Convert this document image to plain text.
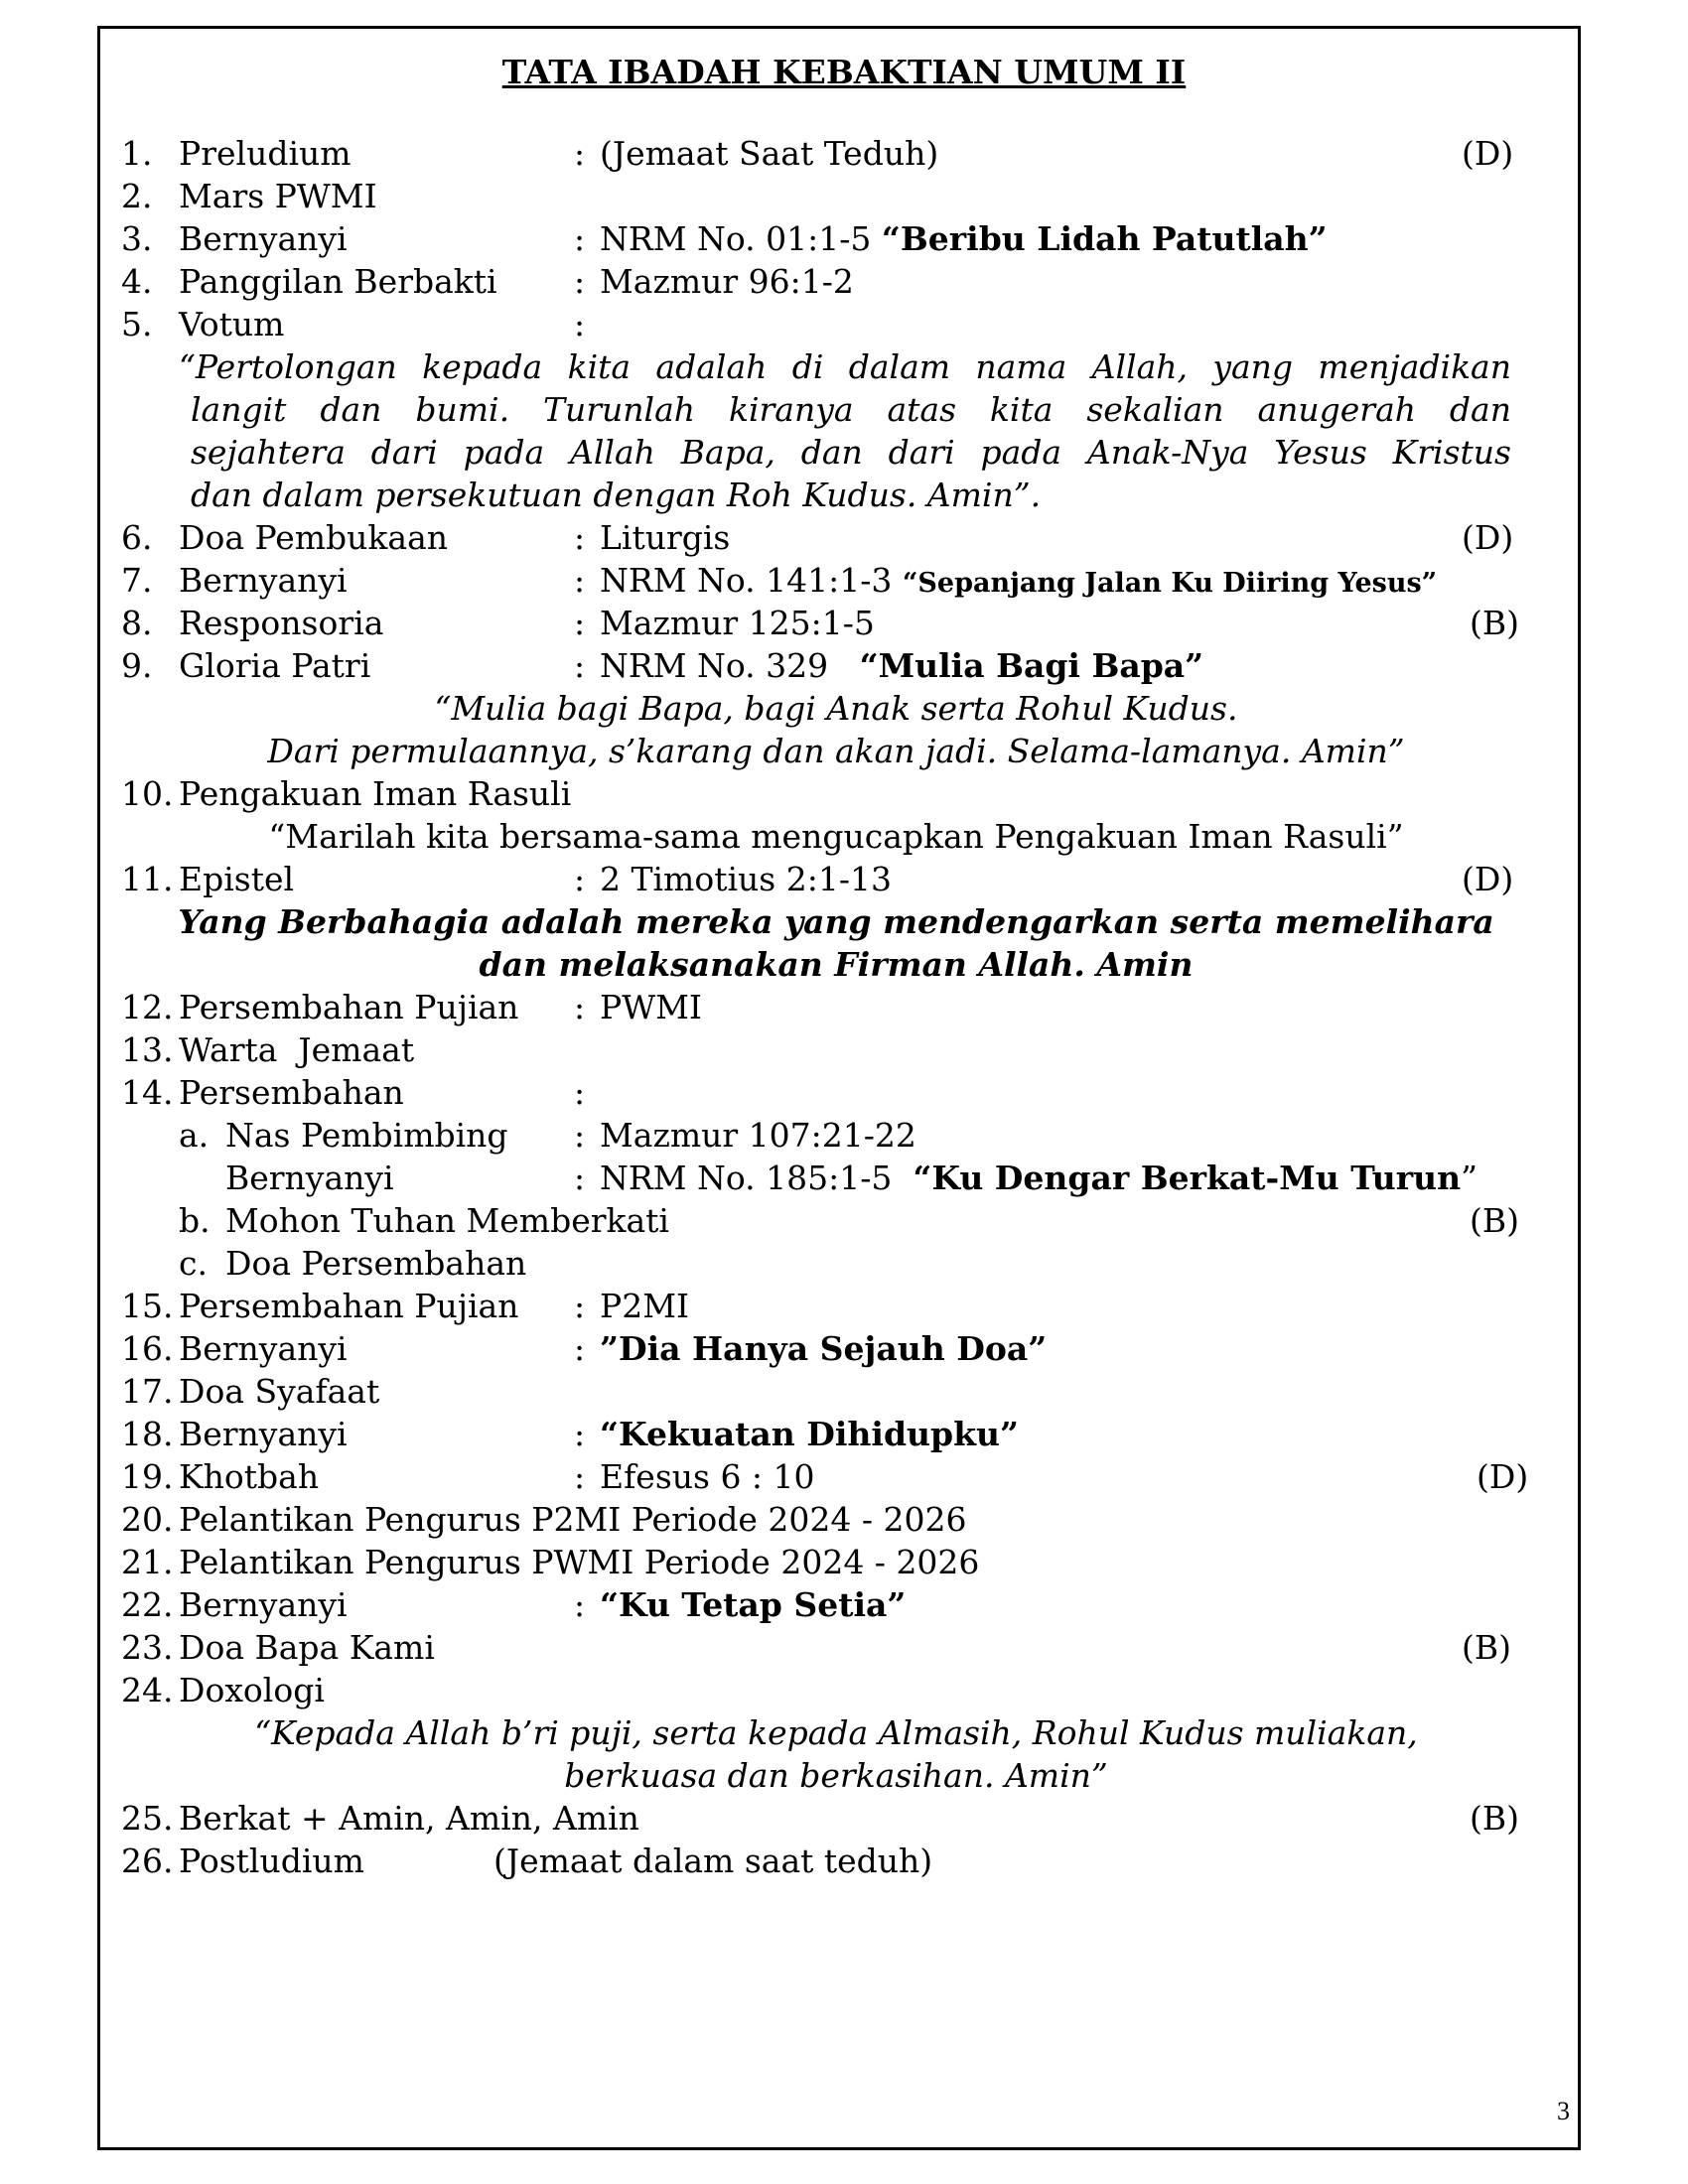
TATA IBADAH KEBAKTIAN UMUM II
1. Preludium	: (Jemaat Saat Teduh)	(D)
2. Mars PWMI
3. Bernyanyi	: NRM No. 01:1-5 “Beribu Lidah Patutlah”
4. Panggilan Berbakti : Mazmur 96:1-2
5. Votum	:
“Pertolongan kepada kita adalah di dalam nama Allah, yang menjadikan
langit dan bumi. Turunlah kiranya atas kita sekalian anugerah dan
sejahtera dari pada Allah Bapa, dan dari pada Anak-Nya Yesus Kristus
dan dalam persekutuan dengan Roh Kudus. Amin”.
6. Doa Pembukaan	: Liturgis	(D)
7. Bernyanyi	: NRM No. 141:1-3 “Sepanjang Jalan Ku Diiring Yesus”
8. Responsoria	: Mazmur 125:1-5	(B)
9. Gloria Patri	: NRM No. 329 “Mulia Bagi Bapa”
“Mulia bagi Bapa, bagi Anak serta Rohul Kudus.
Dari permulaannya, s’karang dan akan jadi. Selama-lamanya. Amin”
10. Pengakuan Iman Rasuli
“Marilah kita bersama-sama mengucapkan Pengakuan Iman Rasuli”
11. Epistel	: 2 Timotius 2:1-13	(D)
Yang Berbahagia adalah mereka yang mendengarkan serta memelihara
dan melaksanakan Firman Allah. Amin
12. Persembahan Pujian : PWMI
13. Warta  Jemaat
14. Persembahan	:
a. Nas Pembimbing : Mazmur 107:21-22
Bernyanyi	: NRM No. 185:1-5 “Ku Dengar Berkat-Mu Turun”
b. Mohon Tuhan Memberkati	(B)
c. Doa Persembahan
15. Persembahan Pujian : P2MI
16. Bernyanyi	: ”Dia Hanya Sejauh Doa”
17. Doa Syafaat
18. Bernyanyi	: “Kekuatan Dihidupku”
19. Khotbah	: Efesus 6 : 10	(D)
20. Pelantikan Pengurus P2MI Periode 2024 - 2026
21. Pelantikan Pengurus PWMI Periode 2024 - 2026
22. Bernyanyi	: “Ku Tetap Setia”
23. Doa Bapa Kami	(B)
24. Doxologi
“Kepada Allah b’ri puji, serta kepada Almasih, Rohul Kudus muliakan,
berkuasa dan berkasihan. Amin”
25. Berkat + Amin, Amin, Amin	(B)
26. Postludium	(Jemaat dalam saat teduh)
3
